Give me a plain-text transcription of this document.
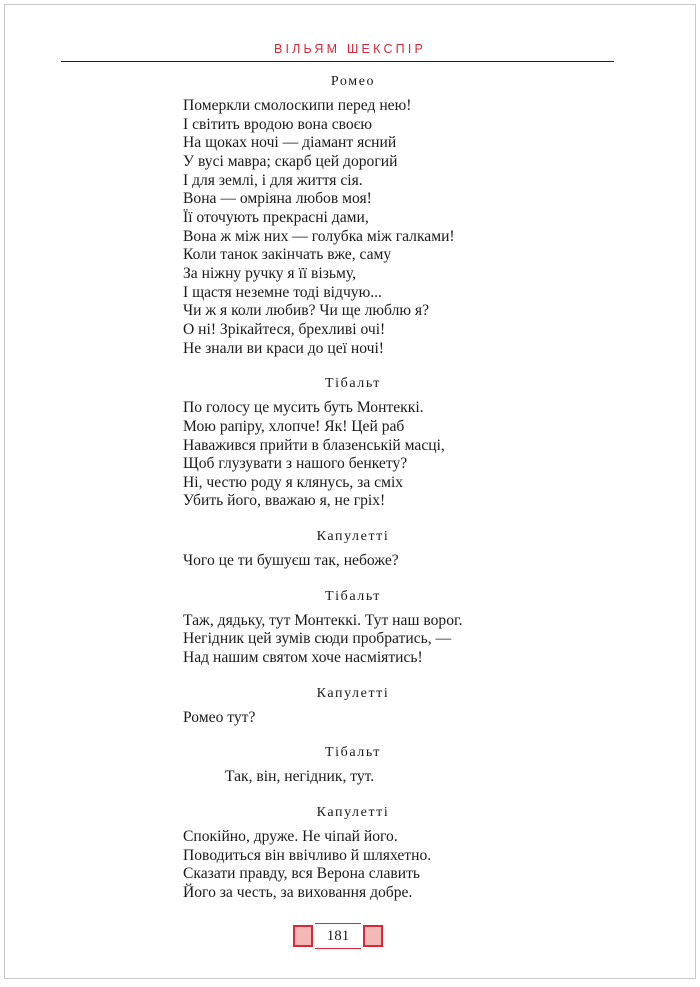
ВІЛЬЯМ ШЕКСПІР
Ромео
Померкли смолоскипи перед нею!
І світить вродою вона своєю
На щоках ночі — діамант ясний
У вусі мавра; скарб цей дорогий
І для землі, і для життя сія.
Вона — омріяна любов моя!
Її оточують прекрасні дами,
Вона ж між них — голубка між галками!
Коли танок закінчать вже, саму
За ніжну ручку я її візьму,
І щастя неземне тоді відчую...
Чи ж я коли любив? Чи ще люблю я?
О ні! Зрікайтеся, брехливі очі!
Не знали ви краси до цеї ночі!
Тібальт
По голосу це мусить буть Монтеккі.
Мою рапіру, хлопче! Як! Цей раб
Наважився прийти в блазенській масці,
Щоб глузувати з нашого бенкету?
Ні, честю роду я клянусь, за сміх
Убить його, вважаю я, не гріх!
Капулетті
Чого це ти бушуєш так, небоже?
Тібальт
Таж, дядьку, тут Монтеккі. Тут наш ворог.
Негідник цей зумів сюди пробратись, —
Над нашим святом хоче насміятись!
Капулетті
Ромео тут?
Тібальт
Так, він, негідник, тут.
Капулетті
Спокійно, друже. Не чіпай його.
Поводиться він ввічливо й шляхетно.
Сказати правду, вся Верона славить
Його за честь, за виховання добре.
181
